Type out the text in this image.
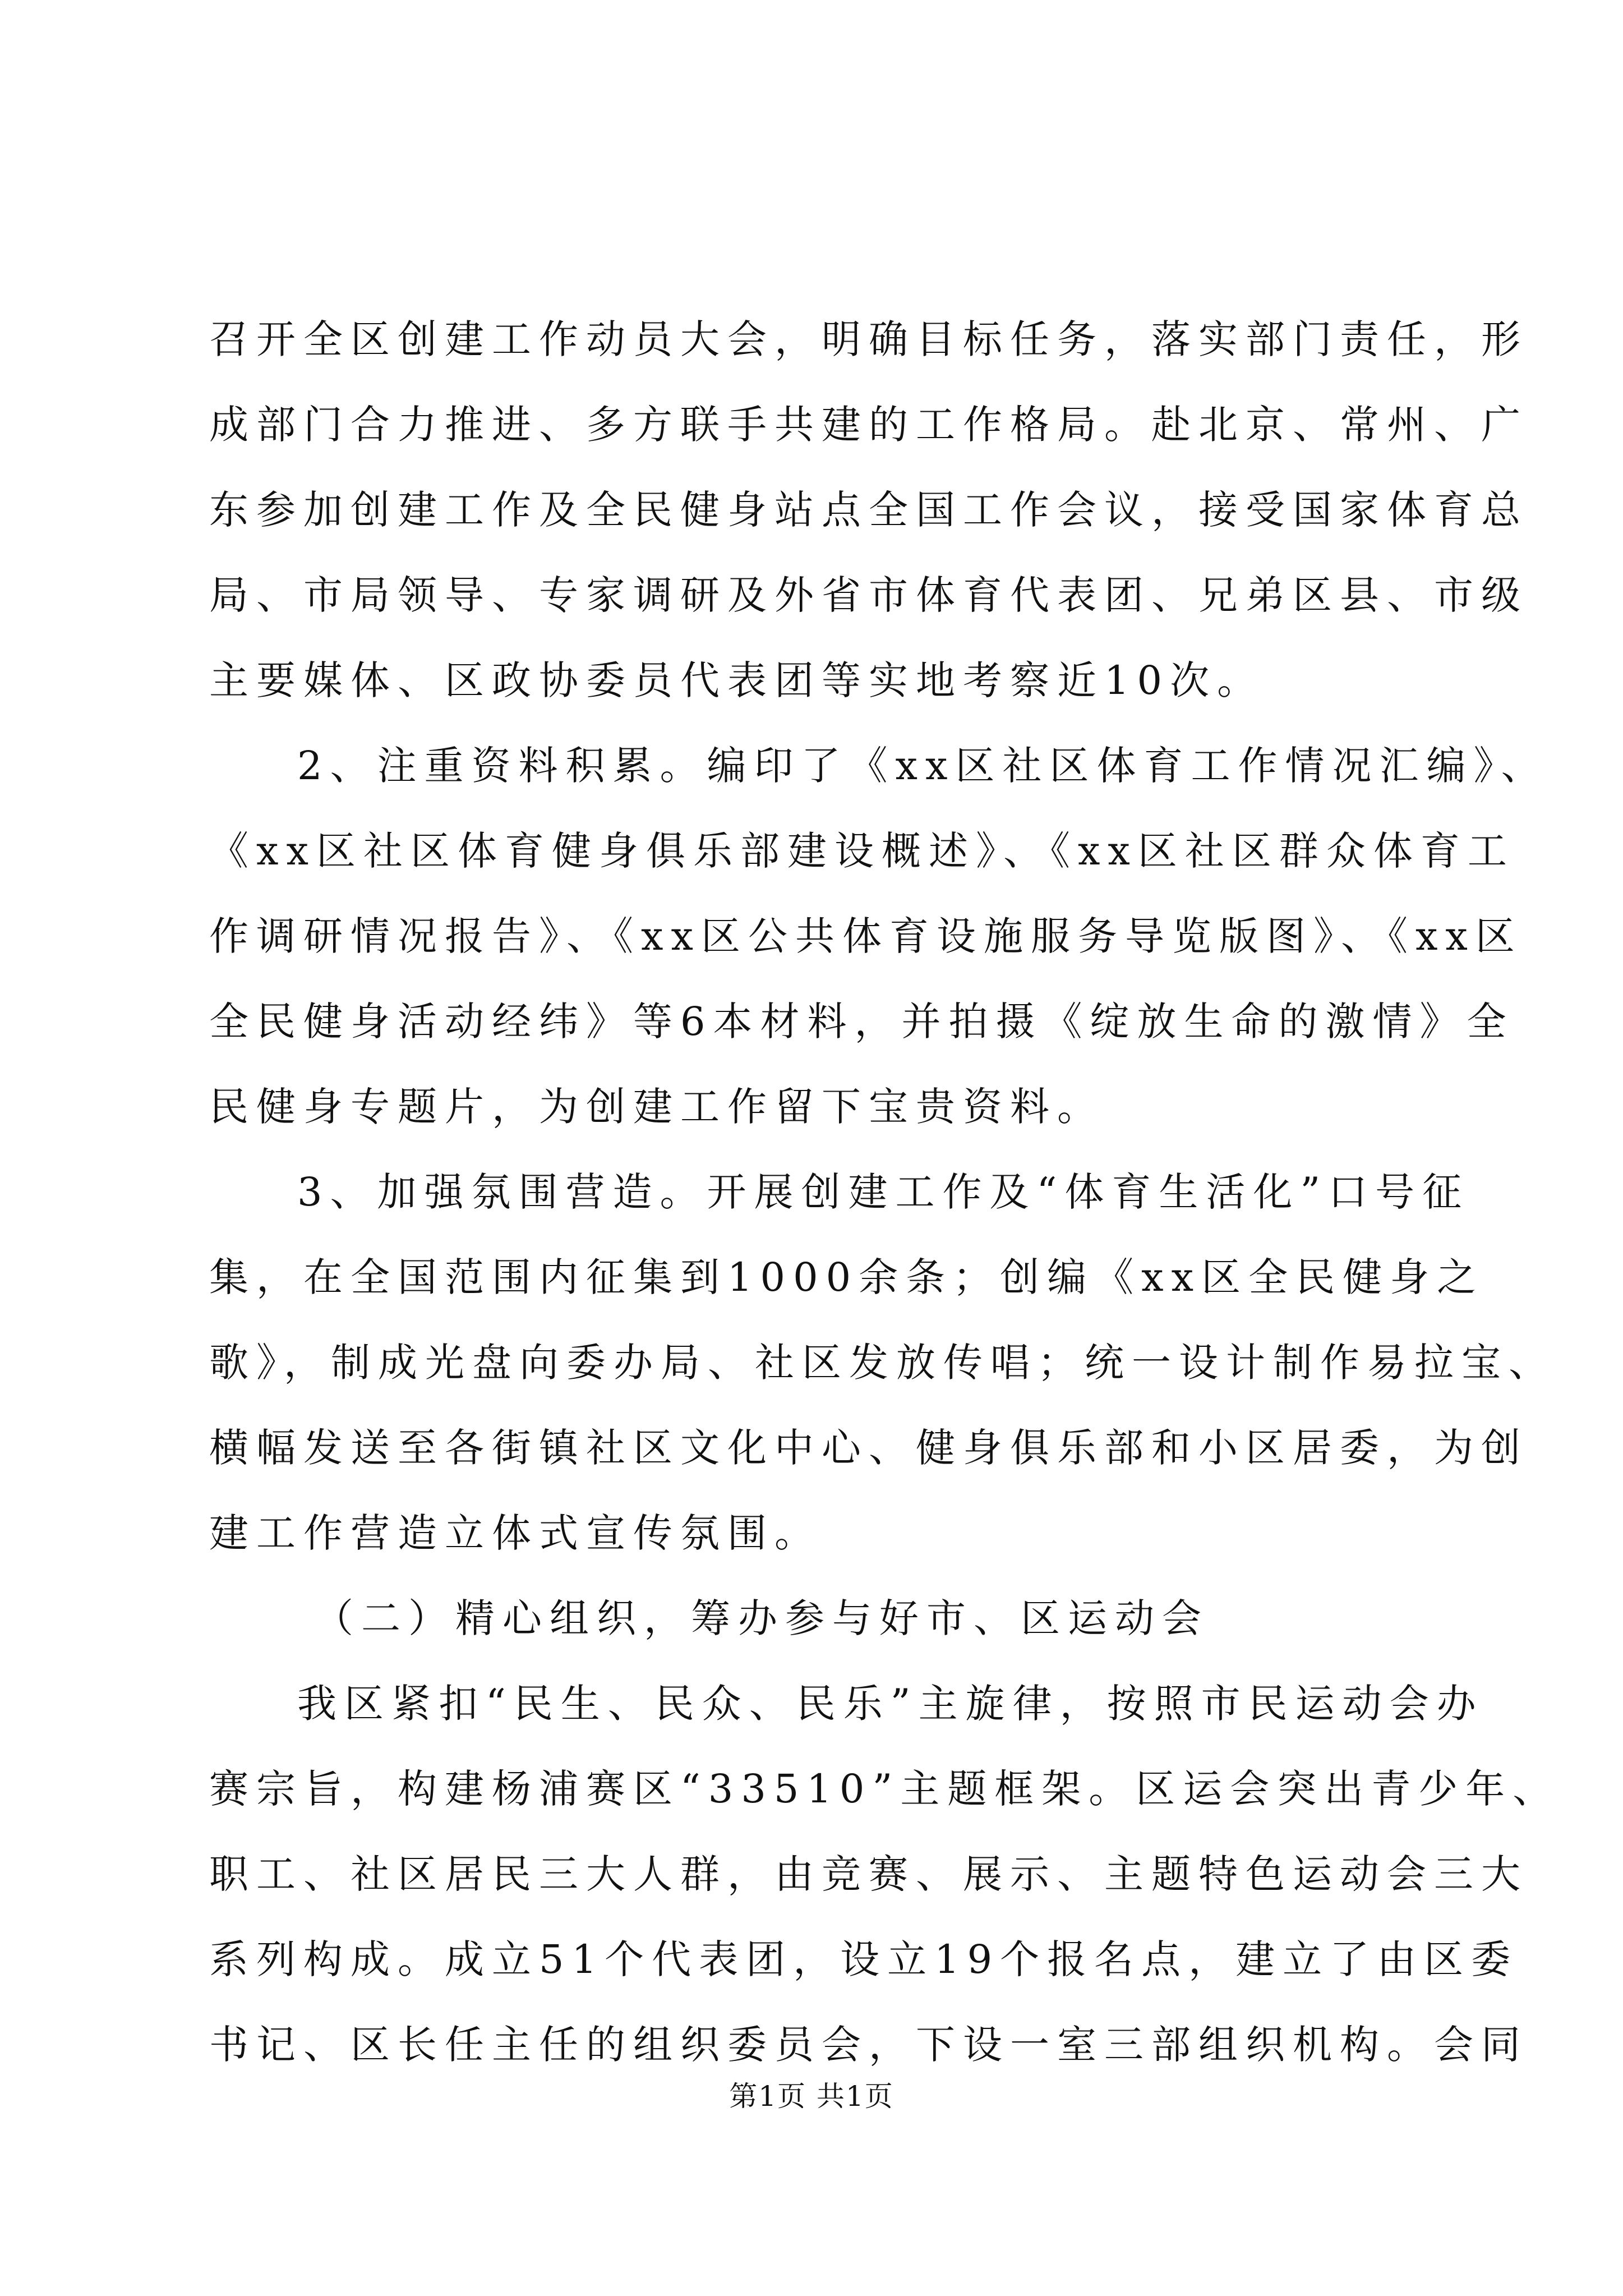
召开全区创建工作动员大会，明确目标任务，落实部门责任，形
成部门合力推进、多方联手共建的工作格局。赴北京、常州、广
东参加创建工作及全民健身站点全国工作会议，接受国家体育总
局、市局领导、专家调研及外省市体育代表团、兄弟区县、市级
主要媒体、区政协委员代表团等实地考察近10次。
2、注重资料积累。编印了《xx区社区体育工作情况汇编》、
《xx区社区体育健身俱乐部建设概述》、《xx区社区群众体育工
作调研情况报告》、《xx区公共体育设施服务导览版图》、《xx区
全民健身活动经纬》等6本材料，并拍摄《绽放生命的激情》全
民健身专题片，为创建工作留下宝贵资料。
3、加强氛围营造。开展创建工作及“体育生活化”口号征
集，在全国范围内征集到1000余条；创编《xx区全民健身之
歌》，制成光盘向委办局、社区发放传唱；统一设计制作易拉宝、
横幅发送至各街镇社区文化中心、健身俱乐部和小区居委，为创
建工作营造立体式宣传氛围。
（二）精心组织，筹办参与好市、区运动会
我区紧扣“民生、民众、民乐”主旋律，按照市民运动会办
赛宗旨，构建杨浦赛区“33510”主题框架。区运会突出青少年、
职工、社区居民三大人群，由竞赛、展示、主题特色运动会三大
系列构成。成立51个代表团，设立19个报名点，建立了由区委
书记、区长任主任的组织委员会，下设一室三部组织机构。会同
第1页 共1页
